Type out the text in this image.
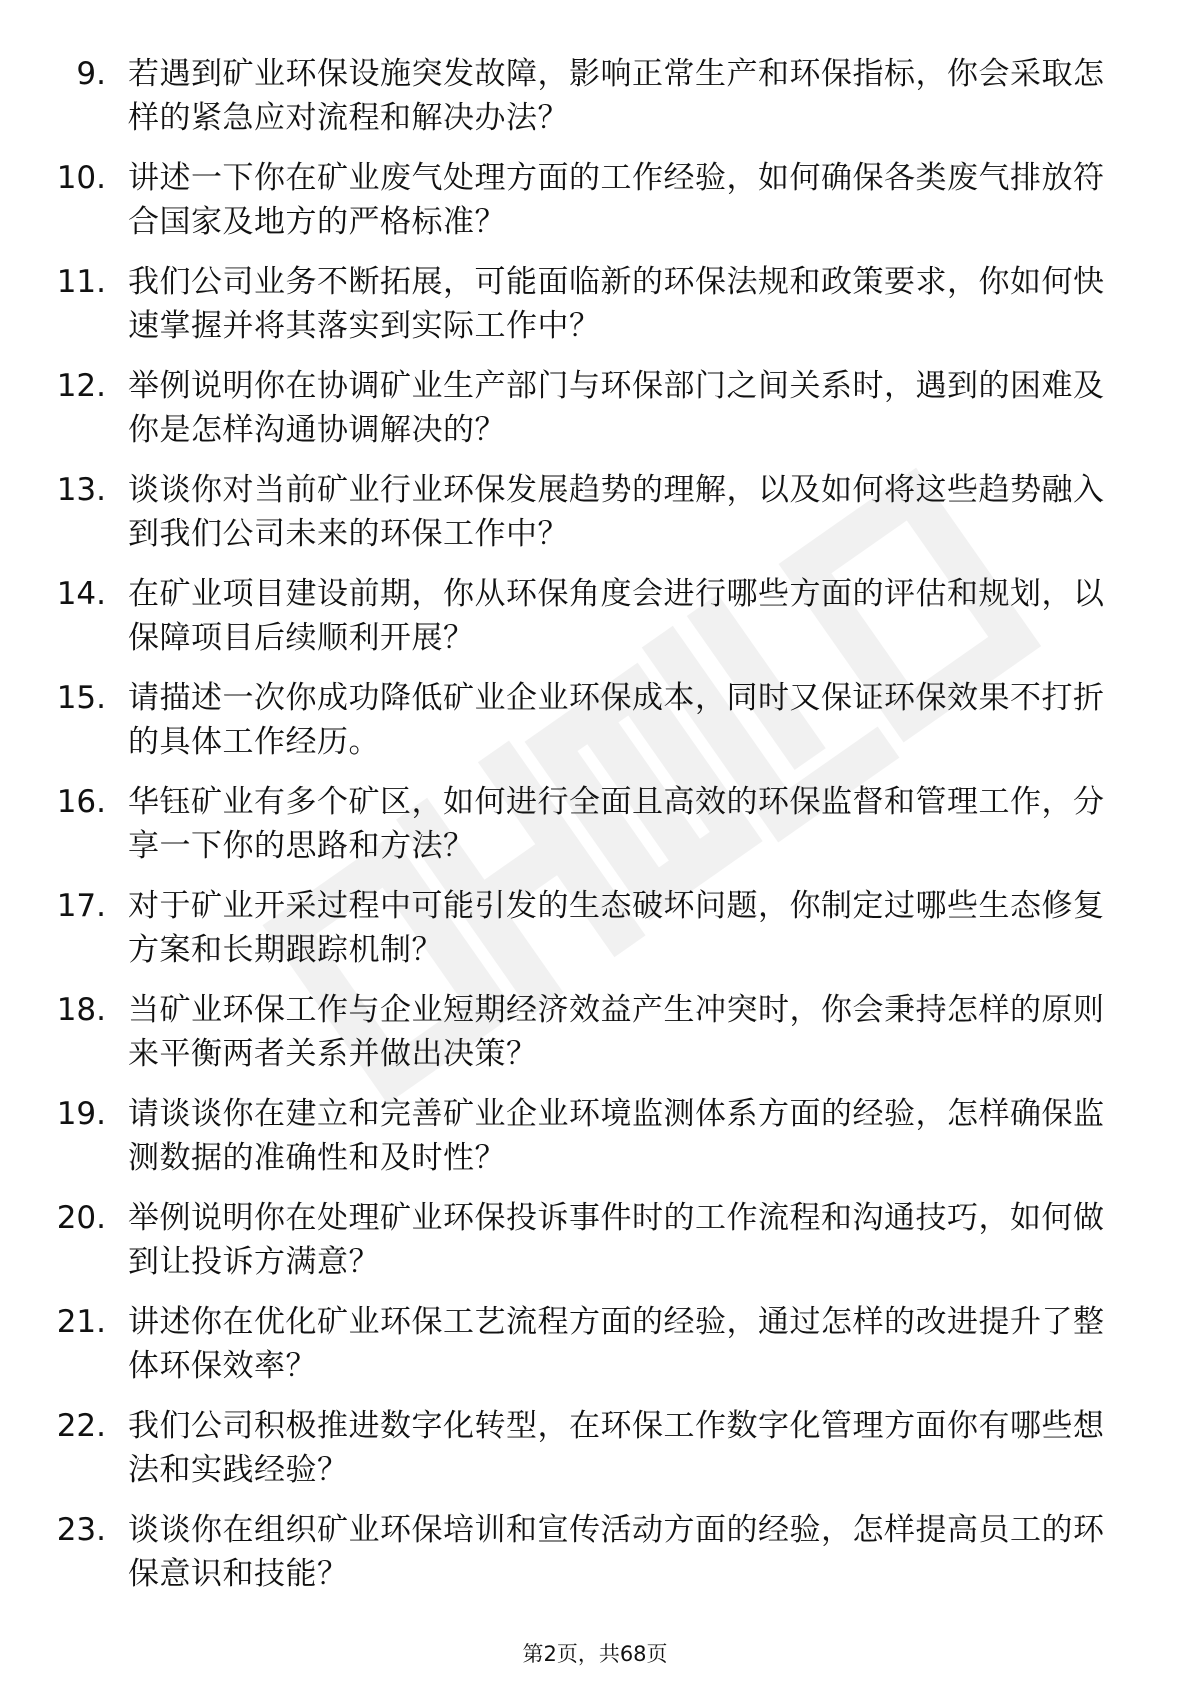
9. 若遇到矿业环保设施突发故障，影响正常生产和环保指标，你会采取怎样的紧急应对流程和解决办法？
10. 讲述一下你在矿业废气处理方面的工作经验，如何确保各类废气排放符合国家及地方的严格标准？
11. 我们公司业务不断拓展，可能面临新的环保法规和政策要求，你如何快速掌握并将其落实到实际工作中？
12. 举例说明你在协调矿业生产部门与环保部门之间关系时，遇到的困难及你是怎样沟通协调解决的？
13. 谈谈你对当前矿业行业环保发展趋势的理解，以及如何将这些趋势融入到我们公司未来的环保工作中？
14. 在矿业项目建设前期，你从环保角度会进行哪些方面的评估和规划，以保障项目后续顺利开展？
15. 请描述一次你成功降低矿业企业环保成本，同时又保证环保效果不打折的具体工作经历。
16. 华钰矿业有多个矿区，如何进行全面且高效的环保监督和管理工作，分享一下你的思路和方法？
17. 对于矿业开采过程中可能引发的生态破坏问题，你制定过哪些生态修复方案和长期跟踪机制？
18. 当矿业环保工作与企业短期经济效益产生冲突时，你会秉持怎样的原则来平衡两者关系并做出决策？
19. 请谈谈你在建立和完善矿业企业环境监测体系方面的经验，怎样确保监测数据的准确性和及时性？
20. 举例说明你在处理矿业环保投诉事件时的工作流程和沟通技巧，如何做到让投诉方满意？
21. 讲述你在优化矿业环保工艺流程方面的经验，通过怎样的改进提升了整体环保效率？
22. 我们公司积极推进数字化转型，在环保工作数字化管理方面你有哪些想法和实践经验？
23. 谈谈你在组织矿业环保培训和宣传活动方面的经验，怎样提高员工的环保意识和技能？
第2页，共68页
